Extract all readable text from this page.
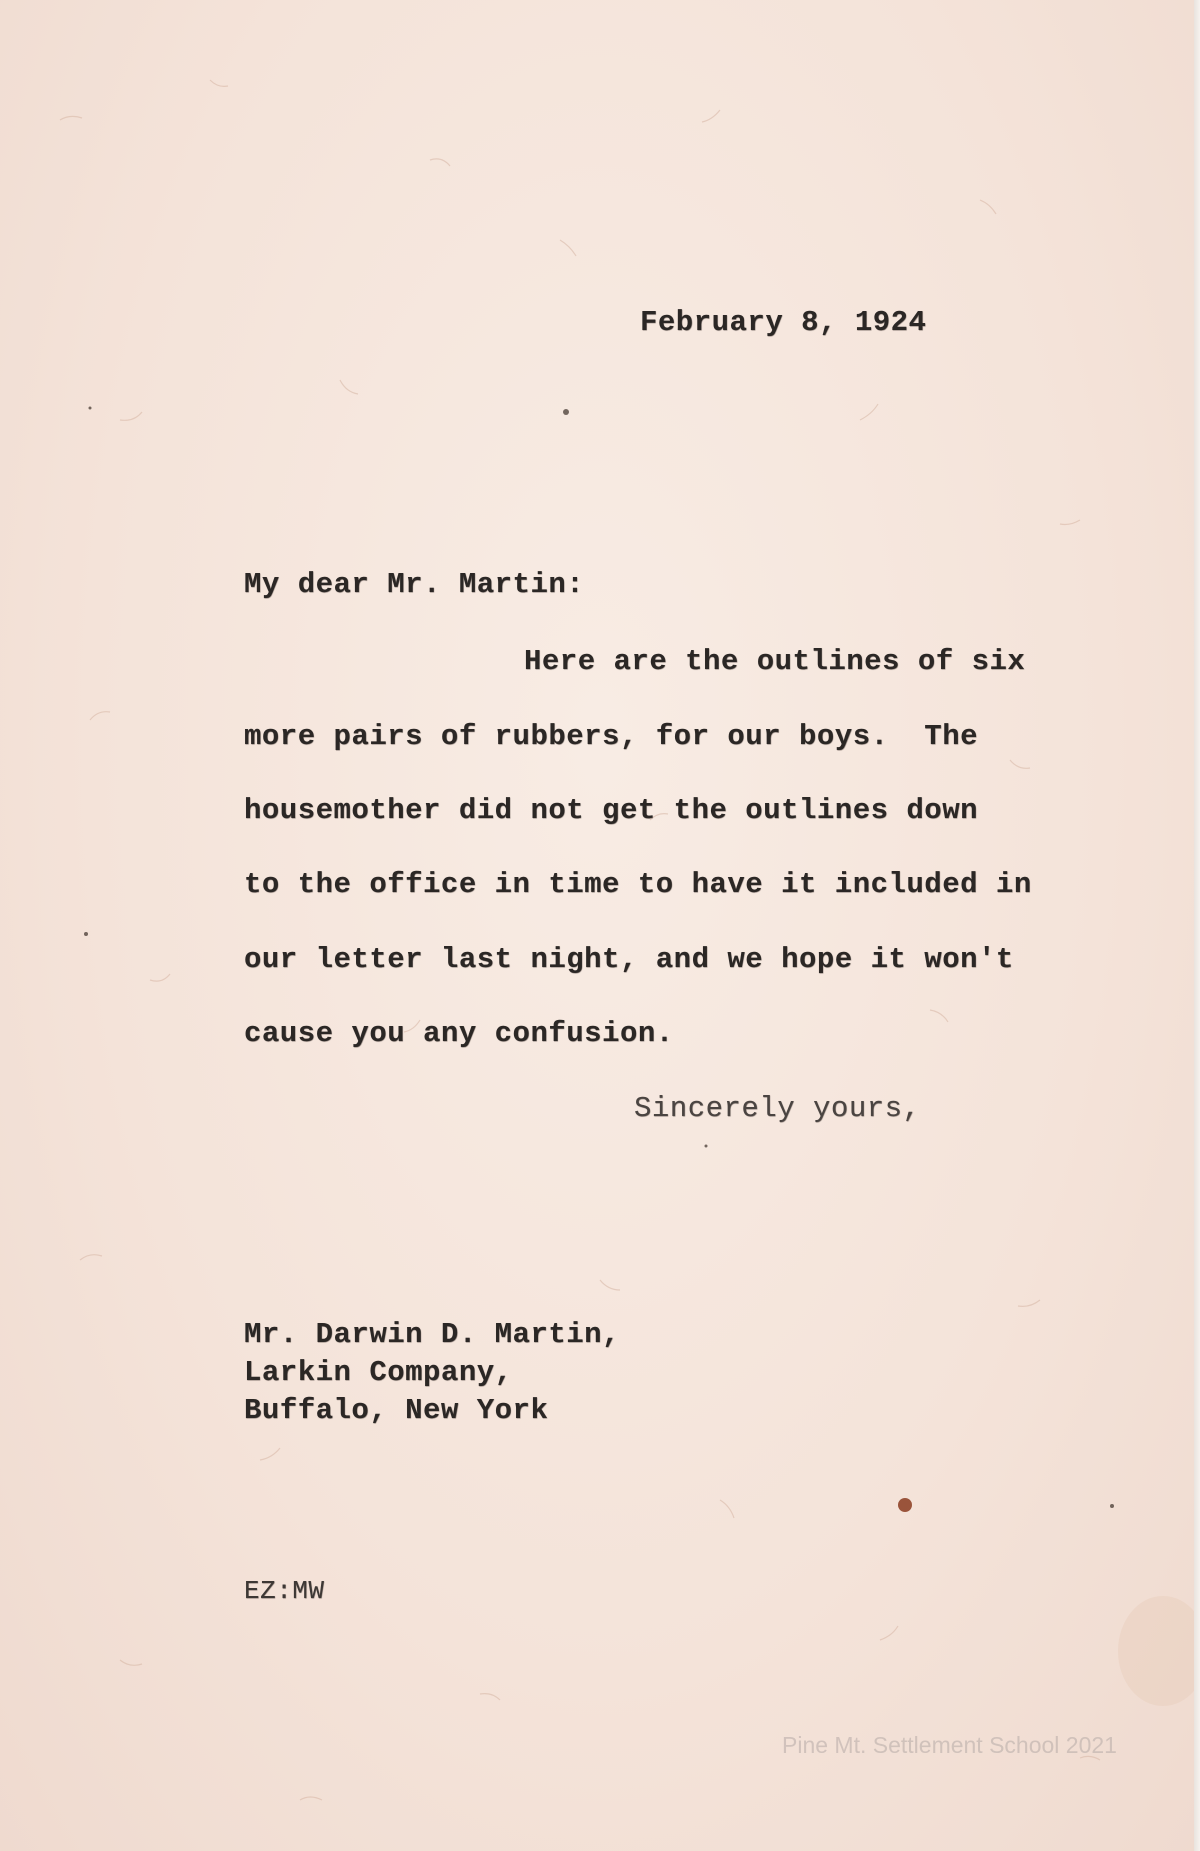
February 8, 1924

My dear Mr. Martin:

Here are the outlines of six

more pairs of rubbers, for our boys.  The

housemother did not get the outlines down

to the office in time to have it included in

our letter last night, and we hope it won't

cause you any confusion.

Sincerely yours,

Mr. Darwin D. Martin,

Larkin Company,

Buffalo, New York

EZ:MW

Pine Mt. Settlement School 2021
